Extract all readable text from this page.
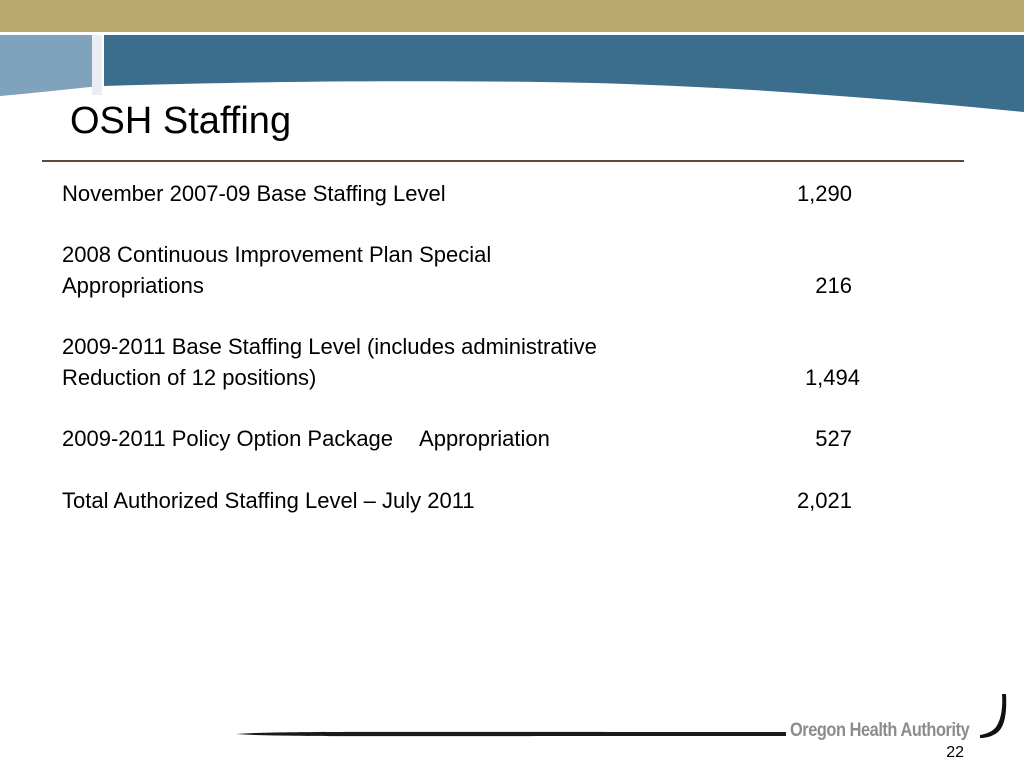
OSH Staffing
November 2007-09 Base Staffing Level	1,290
2008 Continuous Improvement Plan Special
Appropriations	216
2009-2011 Base Staffing Level (includes administrative
Reduction of 12 positions)	1,494
2009-2011 Policy Option Package Appropriation	527
Total Authorized Staffing Level – July 2011	2,021
Oregon Health Authority
22
